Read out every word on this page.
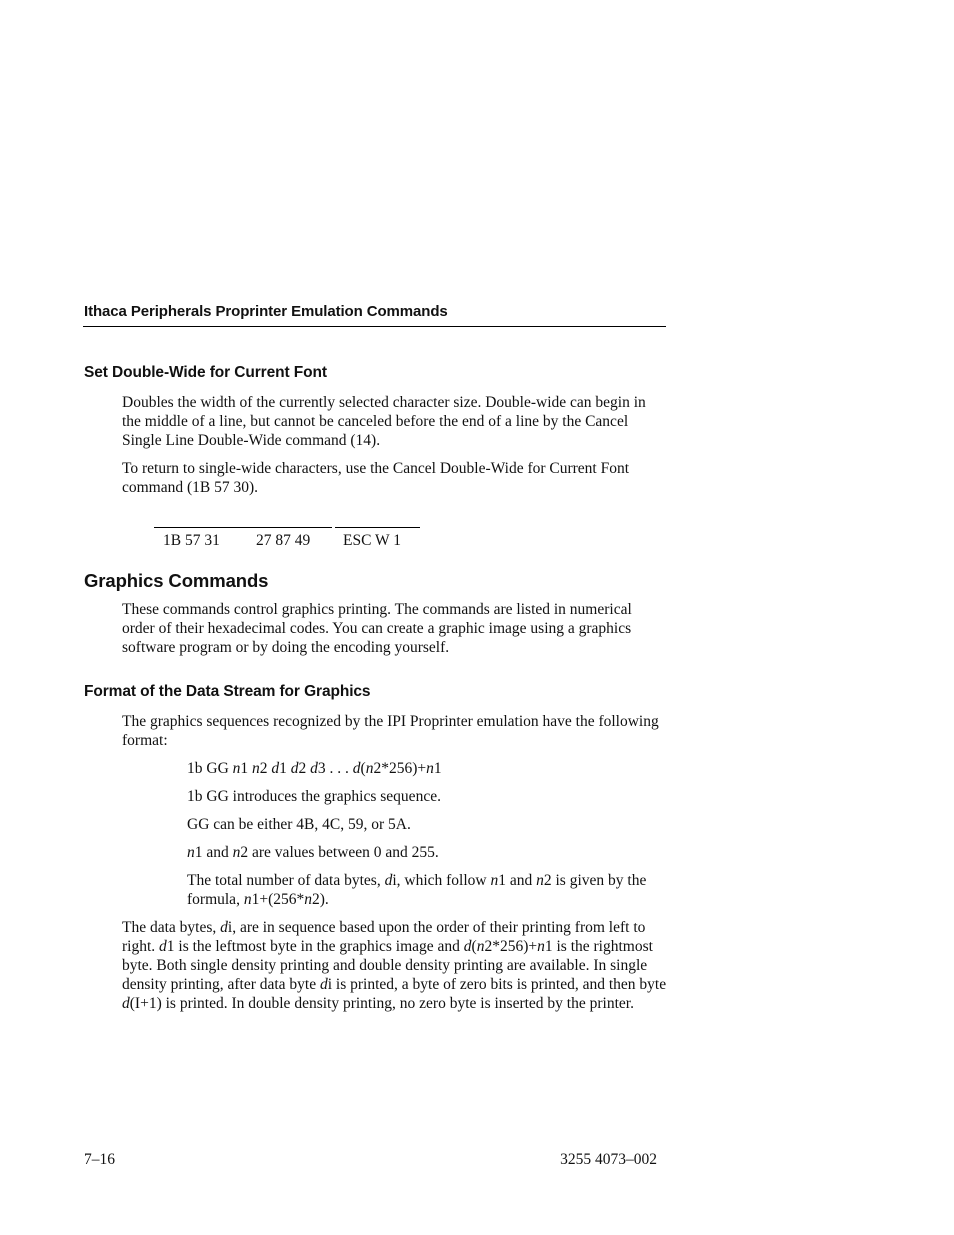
Ithaca Peripherals Proprinter Emulation Commands
Set Double-Wide for Current Font

Doubles the width of the currently selected character size. Double-wide can begin in the middle of a line, but cannot be canceled before the end of a line by the Cancel Single Line Double-Wide command (14).

To return to single-wide characters, use the Cancel Double-Wide for Current Font command (1B 57 30).

1B 57 31 27 87 49 ESC W 1
Graphics Commands

These commands control graphics printing. The commands are listed in numerical order of their hexadecimal codes. You can create a graphic image using a graphics software program or by doing the encoding yourself.

Format of the Data Stream for Graphics

The graphics sequences recognized by the IPI Proprinter emulation have the following format:

1b GG n1 n2 d1 d2 d3 . . . d(n2*256)+n1

1b GG introduces the graphics sequence.

GG can be either 4B, 4C, 59, or 5A.

n1 and n2 are values between 0 and 255.

The total number of data bytes, di, which follow n1 and n2 is given by the formula, n1+(256*n2).

The data bytes, di, are in sequence based upon the order of their printing from left to right. d1 is the leftmost byte in the graphics image and d(n2*256)+n1 is the rightmost byte. Both single density printing and double density printing are available. In single density printing, after data byte di is printed, a byte of zero bits is printed, and then byte d(I+1) is printed. In double density printing, no zero byte is inserted by the printer.

7–16	3255 4073–002
